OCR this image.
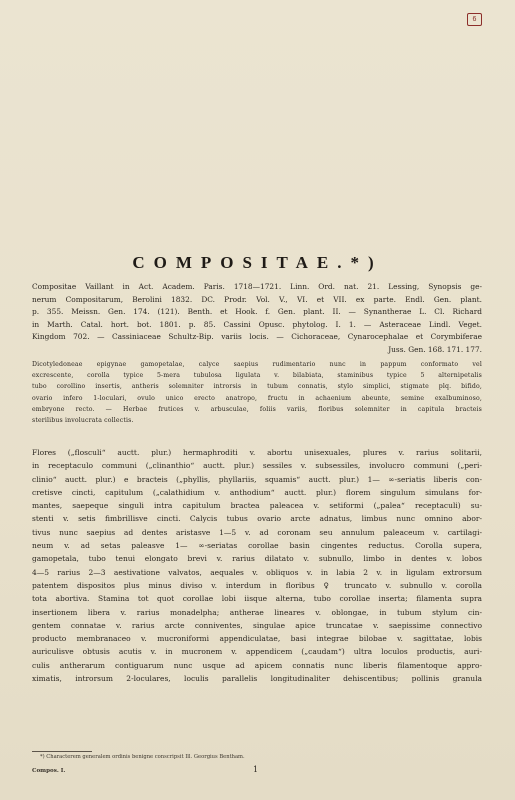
6
COMPOSITAE.*)
Compositae Vaillant in Act. Academ. Paris. 1718—1721. Linn. Ord. nat. 21. Lessing, Synopsis ge-
nerum Compositarum, Berolini 1832. DC. Prodr. Vol. V., VI. et VII. ex parte. Endl. Gen. plant.
p. 355. Meissn. Gen. 174. (121). Benth. et Hook. f. Gen. plant. II. — Synantherae L. Cl. Richard
in Marth. Catal. hort. bot. 1801. p. 85. Cassini Opusc. phytolog. I. 1. — Asteraceae Lindl. Veget.
Kingdom 702. — Cassiniaceae Schultz-Bip. variis locis. — Cichoraceae, Cynarocephalae et Corymbiferae
Juss. Gen. 168. 171. 177.
Dicotyledoneae epigynae gamopetalae, calyce saepius rudimentario nunc in pappum conformato vel
excrescente, corolla typice 5-mera tubulosa ligulata v. bilabiata, staminibus typice 5 alternipetalis
tubo corollino insertis, antheris solemniter introrsis in tubum connatis, stylo simplici, stigmate plq. bifido,
ovario infero 1-loculari, ovulo unico erecto anatropo, fructu in achaenium abeunte, semine exalbuminoso,
embryone recto. — Herbae frutices v. arbusculae, foliis variis, floribus solemniter in capitula bracteis
sterilibus involucrata collectis.
Flores („flosculi“ auctt. plur.) hermaphroditi v. abortu unisexuales, plures v. rarius solitarii,
in receptaculo communi („clinanthio“ auctt. plur.) sessiles v. subsessiles, involucro communi („peri-
clinio“ auctt. plur.) e bracteis („phyllis, phyllariis, squamis“ auctt. plur.) 1— ∞-seriatis liberis con-
cretisve cincti, capitulum („calathidium v. anthodium“ auctt. plur.) florem singulum simulans for-
mantes, saepeque singuli intra capitulum bractea paleacea v. setiformi („palea“ receptaculi) su-
stenti v. setis fimbrillisve cincti. Calycis tubus ovario arcte adnatus, limbus nunc omnino abor-
tivus nunc saepius ad dentes aristasve 1—5 v. ad coronam seu annulum paleaceum v. cartilagi-
neum v. ad setas paleasve 1— ∞-seriatas corollae basin cingentes reductus. Corolla supera,
gamopetala, tubo tenui elongato brevi v. rarius dilatato v. subnullo, limbo in dentes v. lobos
4—5 rarius 2—3 aestivatione valvatos, aequales v. obliquos v. in labia 2 v. in ligulam extrorsum
patentem dispositos plus minus divisо v. interdum in floribus ♀ truncato v. subnullo v. corolla
tota abortiva. Stamina tot quot corollae lobi iisque alterna, tubo corollae inserta; filamenta supra
insertionem libera v. rarius monadelpha; antherae lineares v. oblongae, in tubum stylum cin-
gentem connatae v. rarius arcte conniventes, singulae apice truncatae v. saepissime connectivo
producto membranaceo v. mucroniformi appendiculatae, basi integrae bilobae v. sagittatae, lobis
auriculisve obtusis acutis v. in mucronem v. appendicem („caudam“) ultra loculos productis, auri-
culis antherarum contiguarum nunc usque ad apicem connatis nunc liberis filamentoque appro-
ximatis, introrsum 2-loculares, loculis parallelis longitudinaliter dehiscentibus; pollinis granula
*) Characterem generalem ordinis benigne conscripsit Ill. Georgius Bentham.
Compos. I.	1
